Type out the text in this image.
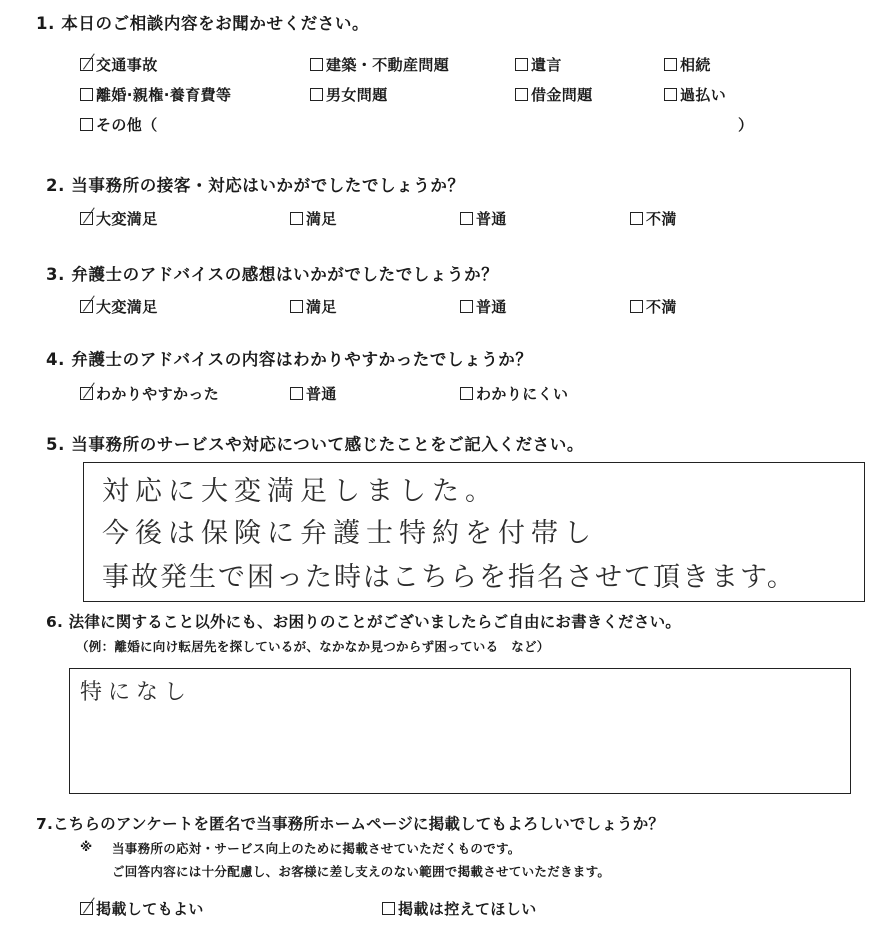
1. 本日のご相談内容をお聞かせください。
交通事故	建築・不動産問題	遺言	相続
離婚·親権·養育費等	男女問題	借金問題	過払い
その他（	）
2. 当事務所の接客・対応はいかがでしたでしょうか？
大変満足	満足	普通	不満
3. 弁護士のアドバイスの感想はいかがでしたでしょうか？
大変満足	満足	普通	不満
4. 弁護士のアドバイスの内容はわかりやすかったでしょうか？
わかりやすかった	普通	わかりにくい
5. 当事務所のサービスや対応について感じたことをご記入ください。
対応に大変満足しました。
今後は保険に弁護士特約を付帯し
事故発生で困った時はこちらを指名させて頂きます。
6. 法律に関すること以外にも、お困りのことがございましたらご自由にお書きください。
（例：離婚に向け転居先を探しているが、なかなか見つからず困っている　など）
特になし
7.こちらのアンケートを匿名で当事務所ホームページに掲載してもよろしいでしょうか？
※ 当事務所の応対・サービス向上のために掲載させていただくものです。
ご回答内容には十分配慮し、お客様に差し支えのない範囲で掲載させていただきます。
掲載してもよい	掲載は控えてほしい
